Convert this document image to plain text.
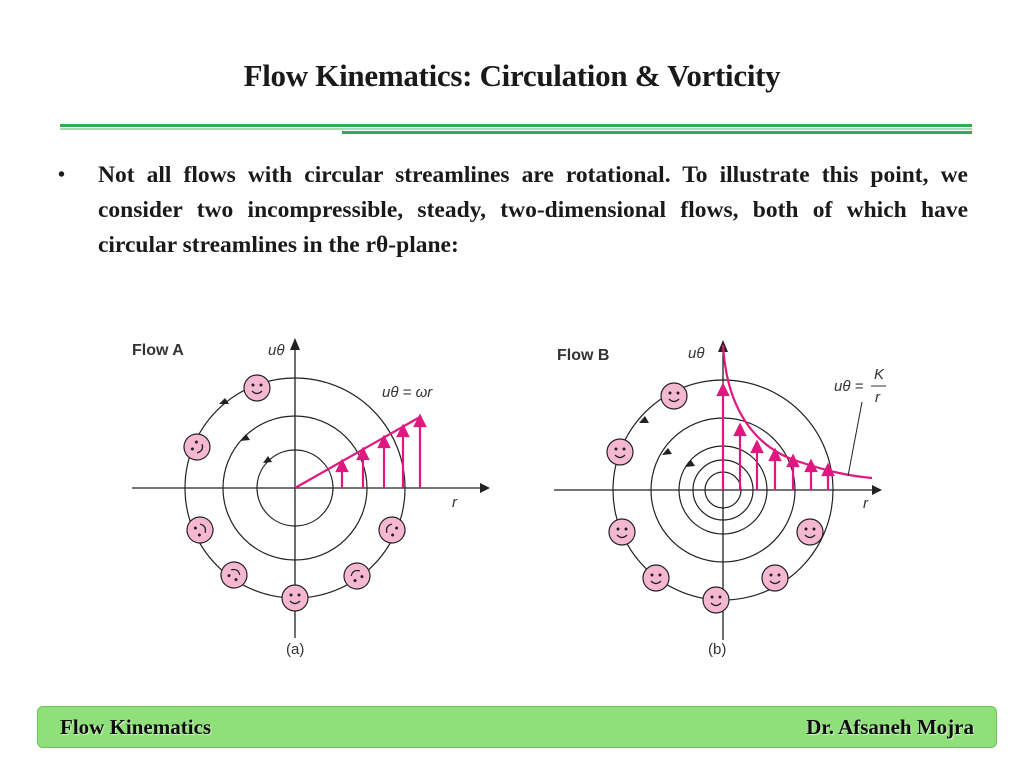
Flow Kinematics: Circulation & Vorticity
• Not all flows with circular streamlines are rotational. To illustrate this point, we consider two incompressible, steady, two-dimensional flows, both of which have circular streamlines in the rθ-plane:
Flow A	uθ
r
uθ = ωr
(a)
Flow B	uθ
r
uθ =
K
r
(b)
Flow Kinematics	Dr. Afsaneh Mojra
